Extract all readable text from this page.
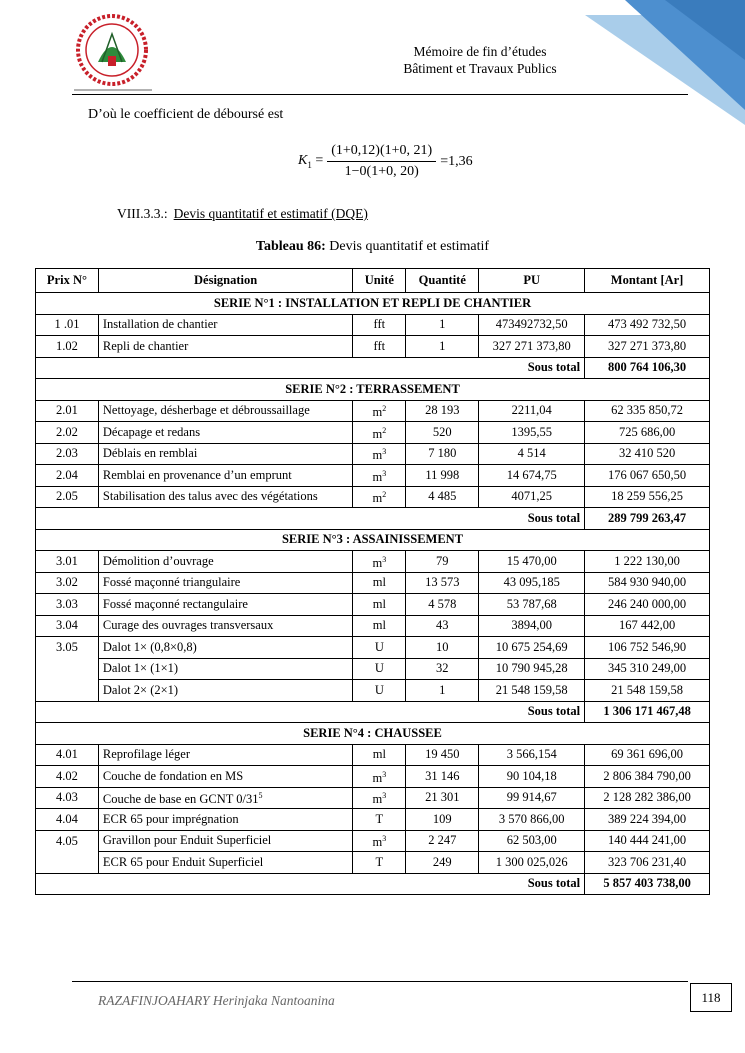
Mémoire de fin d’études
Bâtiment et Travaux Publics
D’où le coefficient de déboursé est
$K_1 = \frac{(1+0,12)(1+0, 21)}{1-0(1+0, 20)} =1,36$
VIII.3.3.: Devis quantitatif et estimatif (DQE)
Tableau 86: Devis quantitatif et estimatif
Prix N°	Désignation	Unité	Quantité	PU	Montant [Ar]
SERIE N°1 : INSTALLATION ET REPLI DE CHANTIER					
1 .01	Installation de chantier	fft	1	473492732,50	473 492 732,50
1.02	Repli de chantier	fft	1	327 271 373,80	327 271 373,80
Sous total					800 764 106,30
SERIE N°2 : TERRASSEMENT					
2.01	Nettoyage, désherbage et débroussaillage	$m^2$	28 193	2211,04	62 335 850,72
2.02	Décapage et redans	$m^2$	520	1395,55	725 686,00
2.03	Déblais en remblai	$m^3$	7 180	4 514	32 410 520
2.04	Remblai en provenance d’un emprunt	$m^3$	11 998	14 674,75	176 067 650,50
2.05	Stabilisation des talus avec des végétations	$m^2$	4 485	4071,25	18 259 556,25
Sous total					289 799 263,47
SERIE N°3 : ASSAINISSEMENT					
3.01	Démolition d’ouvrage	$m^3$	79	15 470,00	1 222 130,00
3.02	Fossé maçonné triangulaire	ml	13 573	43 095,185	584 930 940,00
3.03	Fossé maçonné rectangulaire	ml	4 578	53 787,68	246 240 000,00
3.04	Curage des ouvrages transversaux	ml	43	3894,00	167 442,00
3.05	Dalot 1× (0,8×0,8)	U	10	10 675 254,69	106 752 546,90
	Dalot 1× (1×1)	U	32	10 790 945,28	345 310 249,00
	Dalot 2× (2×1)	U	1	21 548 159,58	21 548 159,58
Sous total					1 306 171 467,48
SERIE N°4 : CHAUSSEE					
4.01	Reprofilage léger	ml	19 450	3 566,154	69 361 696,00
4.02	Couche de fondation en MS	$m^3$	31 146	90 104,18	2 806 384 790,00
4.03	Couche de base en GCNT $0/31^5$	$m^3$	21 301	99 914,67	2 128 282 386,00
4.04	ECR 65 pour imprégnation	T	109	3 570 866,00	389 224 394,00
4.05	Gravillon pour Enduit Superficiel	$m^3$	2 247	62 503,00	140 444 241,00
	ECR 65 pour Enduit Superficiel	T	249	1 300 025,026	323 706 231,40
Sous total					5 857 403 738,00
RAZAFINJOAHARY Herinjaka Nantoanina	118
